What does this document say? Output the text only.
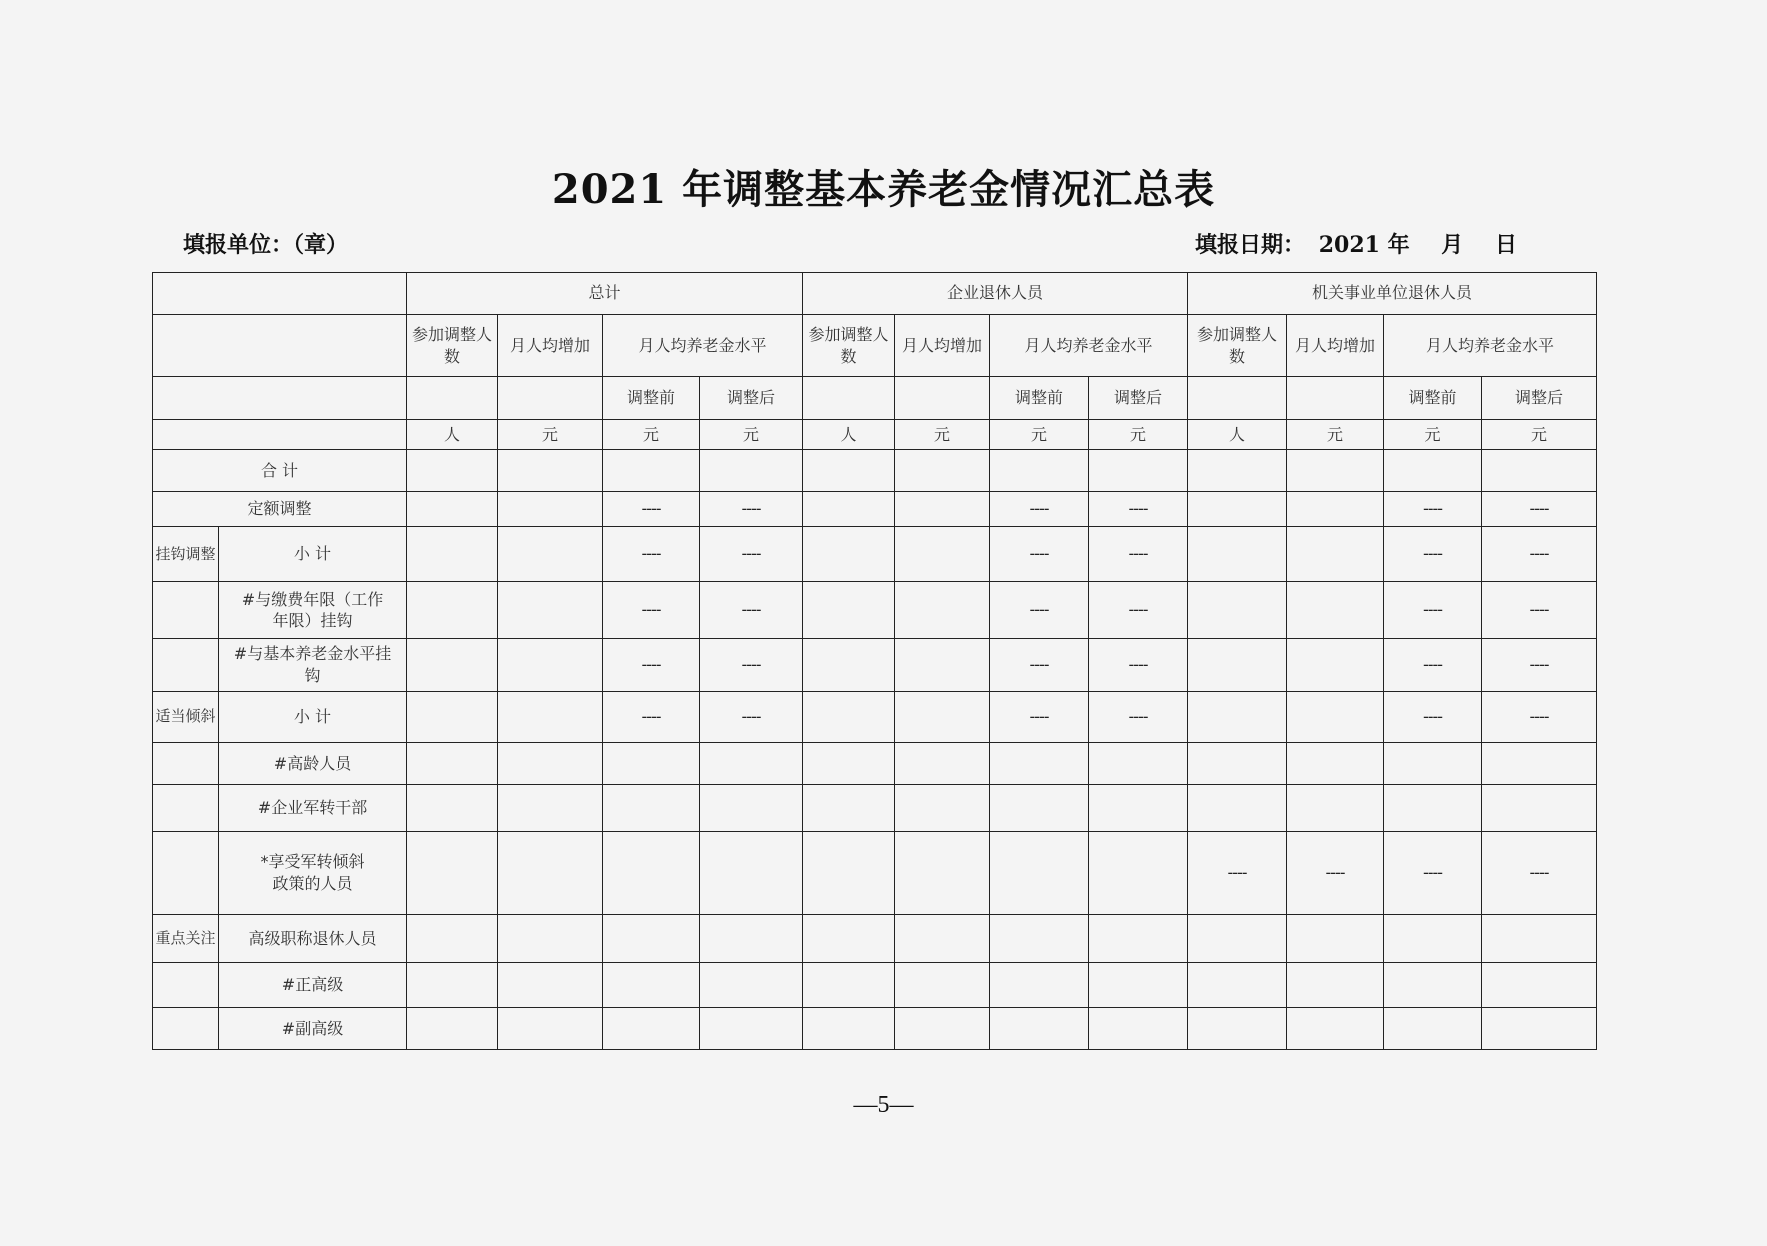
2021 年调整基本养老金情况汇总表
填报单位：（章）	填报日期： 2021 年 月 日
		总计				企业退休人员				机关事业单位退休人员			
		参加调整人数	月人均增加	月人均养老金水平		参加调整人数	月人均增加	月人均养老金水平		参加调整人数	月人均增加	月人均养老金水平	
				调整前	调整后			调整前	调整后			调整前	调整后
		人	元	元	元	人	元	元	元	人	元	元	元
合 计													
定额调整				----	----			----	----			----	----
挂钩调整	小 计			----	----			----	----			----	----
	#与缴费年限（工作年限）挂钩			----	----			----	----			----	----
	#与基本养老金水平挂钩			----	----			----	----			----	----
适当倾斜	小 计			----	----			----	----			----	----
	#高龄人员												
	#企业军转干部												
	*享受军转倾斜政策的人员									----	----	----	----
重点关注	高级职称退休人员												
	#正高级												
	#副高级												
—5—
